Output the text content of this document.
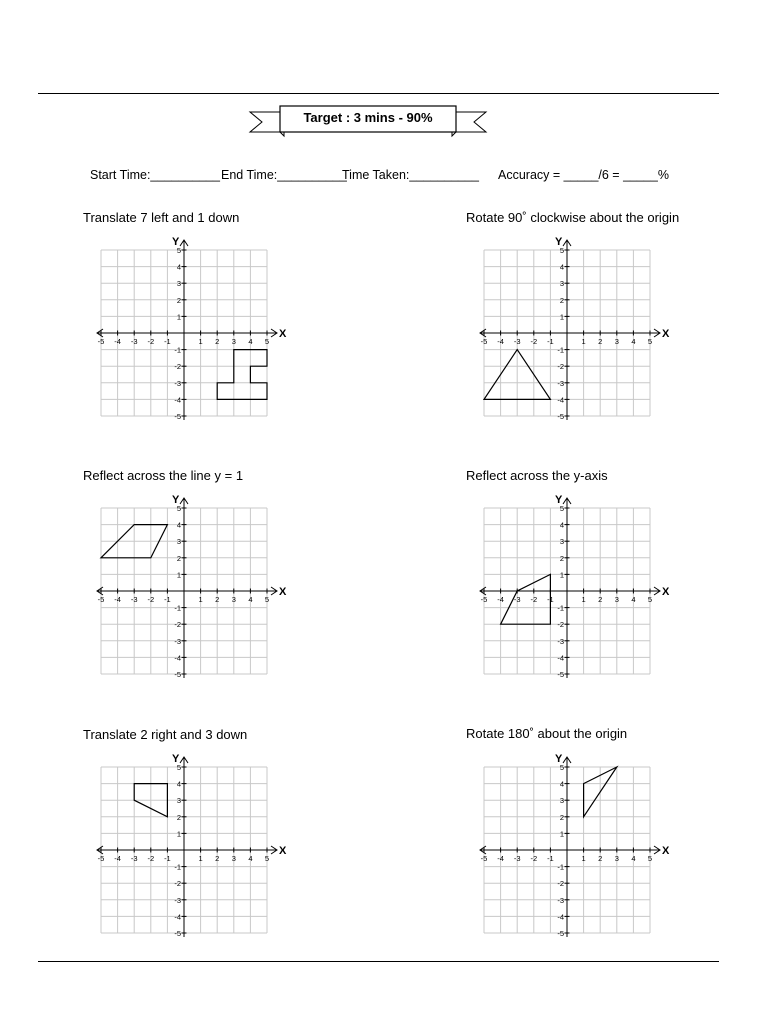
Target : 3 mins - 90%
Start Time:__________ End Time:__________
Time Taken:__________ Accuracy = _____/6 = _____%
Translate 7 left and 1 down	Rotate 90˚ clockwise about the origin
Reflect across the line y = 1	Reflect across the y-axis
Translate 2 right and 3 down	Rotate 180˚ about the origin
-5
-5
-4
-4
-3
-3
-2
-2
-1
-1
1
1
2
2
3
3
4
4
5
5
X
Y
-5
-5
-4
-4
-3
-3
-2
-2
-1
-1
1
1
2
2
3
3
4
4
5
5
X
Y
-5
-5
-4
-4
-3
-3
-2
-2
-1
-1
1
1
2
2
3
3
4
4
5
5
X
Y
-5
-5
-4
-4
-3
-3
-2
-2
-1
-1
1
1
2
2
3
3
4
4
5
5
X
Y
-5
-5
-4
-4
-3
-3
-2
-2
-1
-1
1
1
2
2
3
3
4
4
5
5
X
Y
-5
-5
-4
-4
-3
-3
-2
-2
-1
-1
1
1
2
2
3
3
4
4
5
5
X
Y
